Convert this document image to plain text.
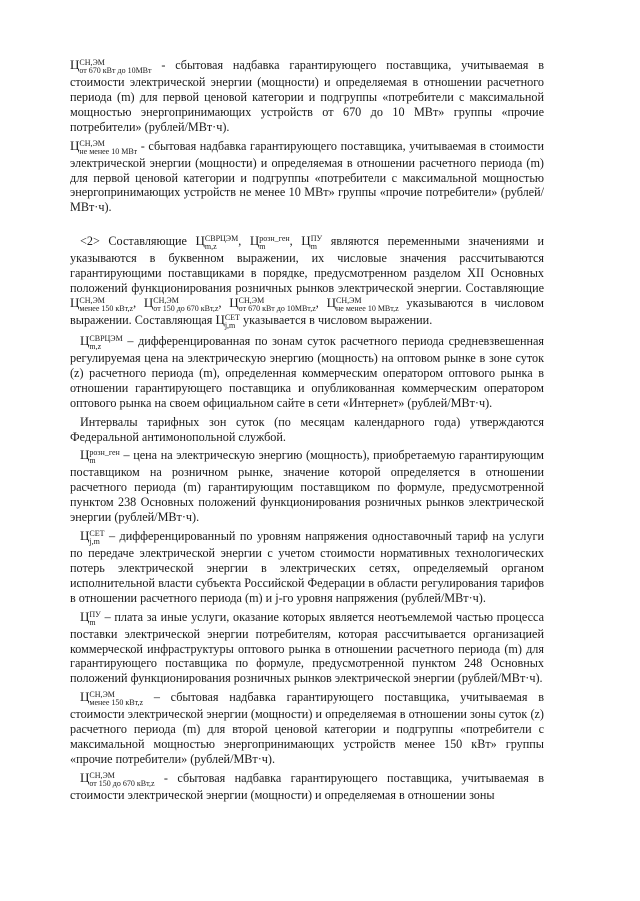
Ц СН,ЭМ
от 670 кВт до 10МВт - сбытовая надбавка гарантирующего поставщика, учитываемая в стоимости электрической энергии (мощности) и определяемая в отношении расчетного периода (m) для первой ценовой категории и подгруппы «потребители с максимальной мощностью энергопринимающих устройств от 670 до 10 МВт» группы «прочие потребители» (рублей/МВт·ч).

Ц СН,ЭМ
не менее 10 МВт - сбытовая надбавка гарантирующего поставщика, учитываемая в стоимости электрической энергии (мощности) и определяемая в отношении расчетного периода (m) для первой ценовой категории и подгруппы «потребители с максимальной мощностью энергопринимающих устройств не менее 10 МВт» группы «прочие потребители» (рублей/МВт·ч).

<2> Составляющие Ц СВРЦЭМ
m,z	, Ц розн_ген
m	, Ц ПУ
m являются переменными значениями и указываются в буквенном выражении, их числовые значения рассчитываются гарантирующими поставщиками в порядке, предусмотренном разделом XII Основных положений функционирования розничных рынков электрической энергии. Составляющие Ц СН,ЭМ
менее 150 кВт,z , Ц СН,ЭМ
от 150 до 670 кВт,z , Ц СН,ЭМ
от 670 кВт до 10МВт,z , Ц СН,ЭМ
не менее 10 МВт,z указываются в числовом выражении. Составляющая Ц СЕТ
j,m указывается в числовом выражении.

Ц СВРЦЭМ
m,z	– дифференцированная по зонам суток расчетного периода средневзвешенная регулируемая цена на электрическую энергию (мощность) на оптовом рынке в зоне суток (z) расчетного периода (m), определенная коммерческим оператором оптового рынка в отношении гарантирующего поставщика и опубликованная коммерческим оператором оптового рынка на своем официальном сайте в сети «Интернет» (рублей/МВт·ч).

Интервалы тарифных зон суток (по месяцам календарного года) утверждаются Федеральной антимонопольной службой.

Ц розн_ген
m	– цена на электрическую энергию (мощность), приобретаемую гарантирующим поставщиком на розничном рынке, значение которой определяется в отношении расчетного периода (m) гарантирующим поставщиком по формуле, предусмотренной пунктом 238 Основных положений функционирования розничных рынков электрической энергии (рублей/МВт·ч).

Ц СЕТ
j,m – дифференцированный по уровням напряжения одноставочный тариф на услуги по передаче электрической энергии с учетом стоимости нормативных технологических потерь электрической энергии в электрических сетях, определяемый органом исполнительной власти субъекта Российской Федерации в области регулирования тарифов в отношении расчетного периода (m) и j-го уровня напряжения (рублей/МВт·ч).

Ц ПУ
m – плата за иные услуги, оказание которых является неотъемлемой частью процесса поставки электрической энергии потребителям, которая рассчитывается организацией коммерческой инфраструктуры оптового рынка в отношении расчетного периода (m) для гарантирующего поставщика по формуле, предусмотренной пунктом 248 Основных положений функционирования розничных рынков электрической энергии (рублей/МВт·ч).

Ц СН,ЭМ
менее 150 кВт,z – сбытовая надбавка гарантирующего поставщика, учитываемая в стоимости электрической энергии (мощности) и определяемая в отношении зоны суток (z) расчетного периода (m) для второй ценовой категории и подгруппы «потребители с максимальной мощностью энергопринимающих устройств менее 150 кВт» группы «прочие потребители» (рублей/МВт·ч).

Ц СН,ЭМ
от 150 до 670 кВт,z - сбытовая надбавка гарантирующего поставщика, учитываемая в стоимости электрической энергии (мощности) и определяемая в отношении зоны
